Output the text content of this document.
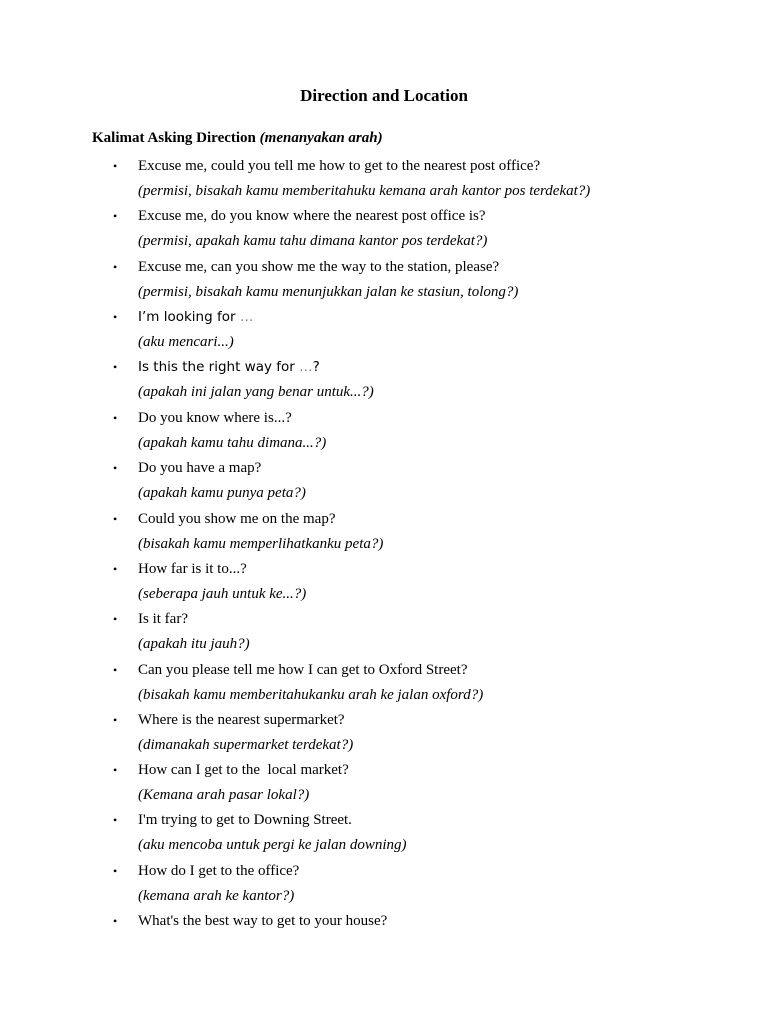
Direction and Location
Kalimat Asking Direction (menanyakan arah)
• Excuse me, could you tell me how to get to the nearest post office?
(permisi, bisakah kamu memberitahuku kemana arah kantor pos terdekat?)
• Excuse me, do you know where the nearest post office is?
(permisi, apakah kamu tahu dimana kantor pos terdekat?)
• Excuse me, can you show me the way to the station, please?
(permisi, bisakah kamu menunjukkan jalan ke stasiun, tolong?)
• I’m looking for …
(aku mencari...)
• Is this the right way for …?
(apakah ini jalan yang benar untuk...?)
• Do you know where is...?
(apakah kamu tahu dimana...?)
• Do you have a map?
(apakah kamu punya peta?)
• Could you show me on the map?
(bisakah kamu memperlihatkanku peta?)
• How far is it to...?
(seberapa jauh untuk ke...?)
• Is it far?
(apakah itu jauh?)
• Can you please tell me how I can get to Oxford Street?
(bisakah kamu memberitahukanku arah ke jalan oxford?)
• Where is the nearest supermarket?
(dimanakah supermarket terdekat?)
• How can I get to the  local market?
(Kemana arah pasar lokal?)
• I'm trying to get to Downing Street.
(aku mencoba untuk pergi ke jalan downing)
• How do I get to the office?
(kemana arah ke kantor?)
• What's the best way to get to your house?
